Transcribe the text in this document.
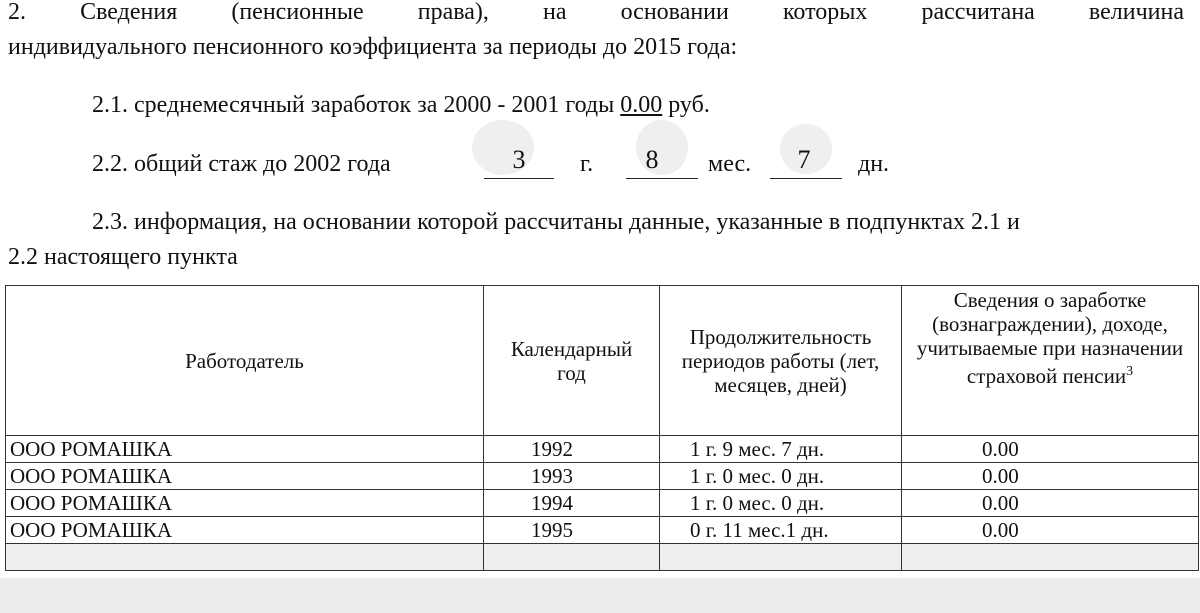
2. Сведения (пенсионные права), на основании которых рассчитана величина
индивидуального пенсионного коэффициента за периоды до 2015 года:
2.1. среднемесячный заработок за 2000 - 2001 годы 0.00 руб.
2.2. общий стаж до 2002 года	3	г.	8	мес.	7	дн.
2.3. информация, на основании которой рассчитаны данные, указанные в подпунктах 2.1 и
2.2 настоящего пункта
Работодатель	Календарный год	Продолжительность периодов работы (лет, месяцев, дней)	Сведения о заработке (вознаграждении), доходе, учитываемые при назначении страховой пенсии$^3$
ООО РОМАШКА	1992	1 г. 9 мес. 7 дн.	0.00
ООО РОМАШКА	1993	1 г. 0 мес. 0 дн.	0.00
ООО РОМАШКА	1994	1 г. 0 мес. 0 дн.	0.00
ООО РОМАШКА	1995	0 г. 11 мес.1 дн.	0.00
